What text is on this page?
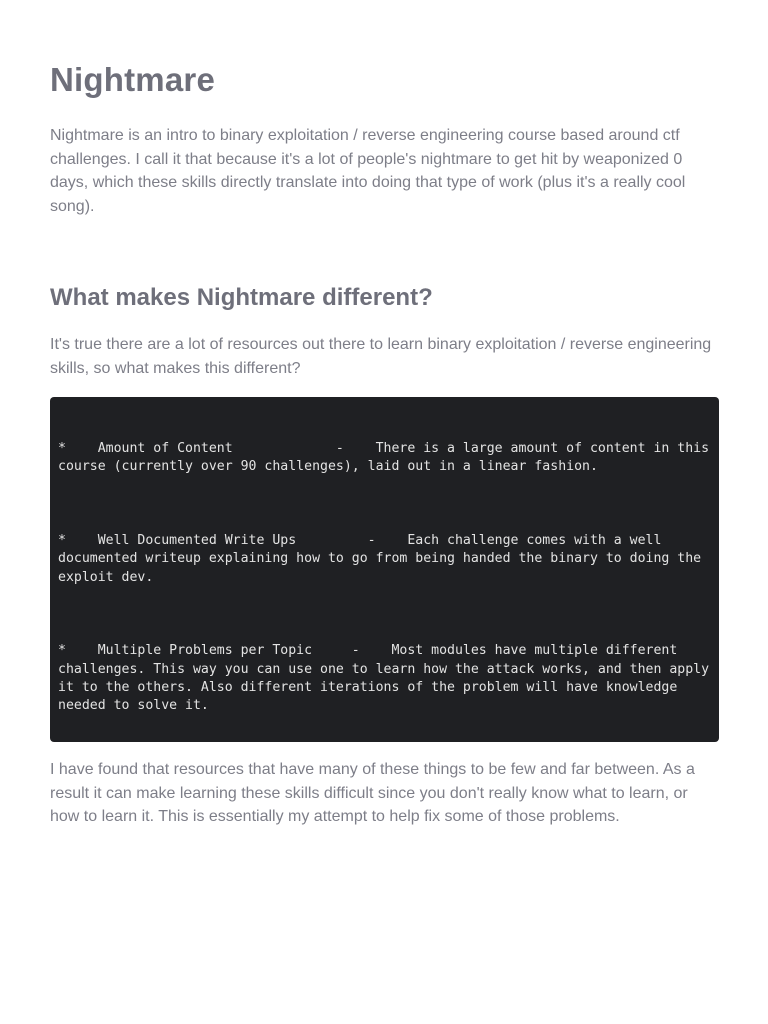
Nightmare

Nightmare is an intro to binary exploitation / reverse engineering course based around ctf challenges. I call it that because it's a lot of people's nightmare to get hit by weaponized 0 days, which these skills directly translate into doing that type of work (plus it's a really cool song).

What makes Nightmare different?

It's true there are a lot of resources out there to learn binary exploitation / reverse engineering skills, so what makes this different?

*    Amount of Content             -    There is a large amount of content in this course (currently over 90 challenges), laid out in a linear fashion.

*    Well Documented Write Ups         -    Each challenge comes with a well documented writeup explaining how to go from being handed the binary to doing the exploit dev.

*    Multiple Problems per Topic     -    Most modules have multiple different challenges. This way you can use one to learn how the attack works, and then apply it to the others. Also different iterations of the problem will have knowledge needed to solve it.

I have found that resources that have many of these things to be few and far between. As a result it can make learning these skills difficult since you don't really know what to learn, or how to learn it. This is essentially my attempt to help fix some of those problems.
